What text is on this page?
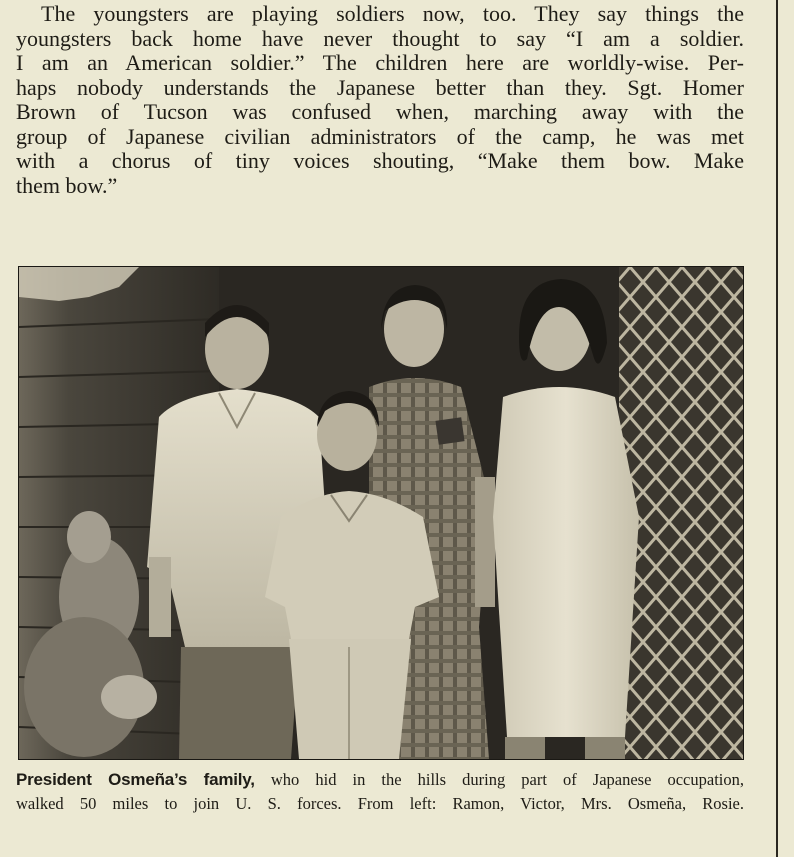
The youngsters are playing soldiers now, too. They say things the
youngsters back home have never thought to say “I am a soldier.
I am an American soldier.” The children here are worldly-wise. Per-
haps nobody understands the Japanese better than they. Sgt. Homer
Brown of Tucson was confused when, marching away with the
group of Japanese civilian administrators of the camp, he was met
with a chorus of tiny voices shouting, “Make them bow. Make
them bow.”
President Osmeña’s family, who hid in the hills during part of Japanese occupation,
walked 50 miles to join U. S. forces. From left: Ramon, Victor, Mrs. Osmeña, Rosie.
